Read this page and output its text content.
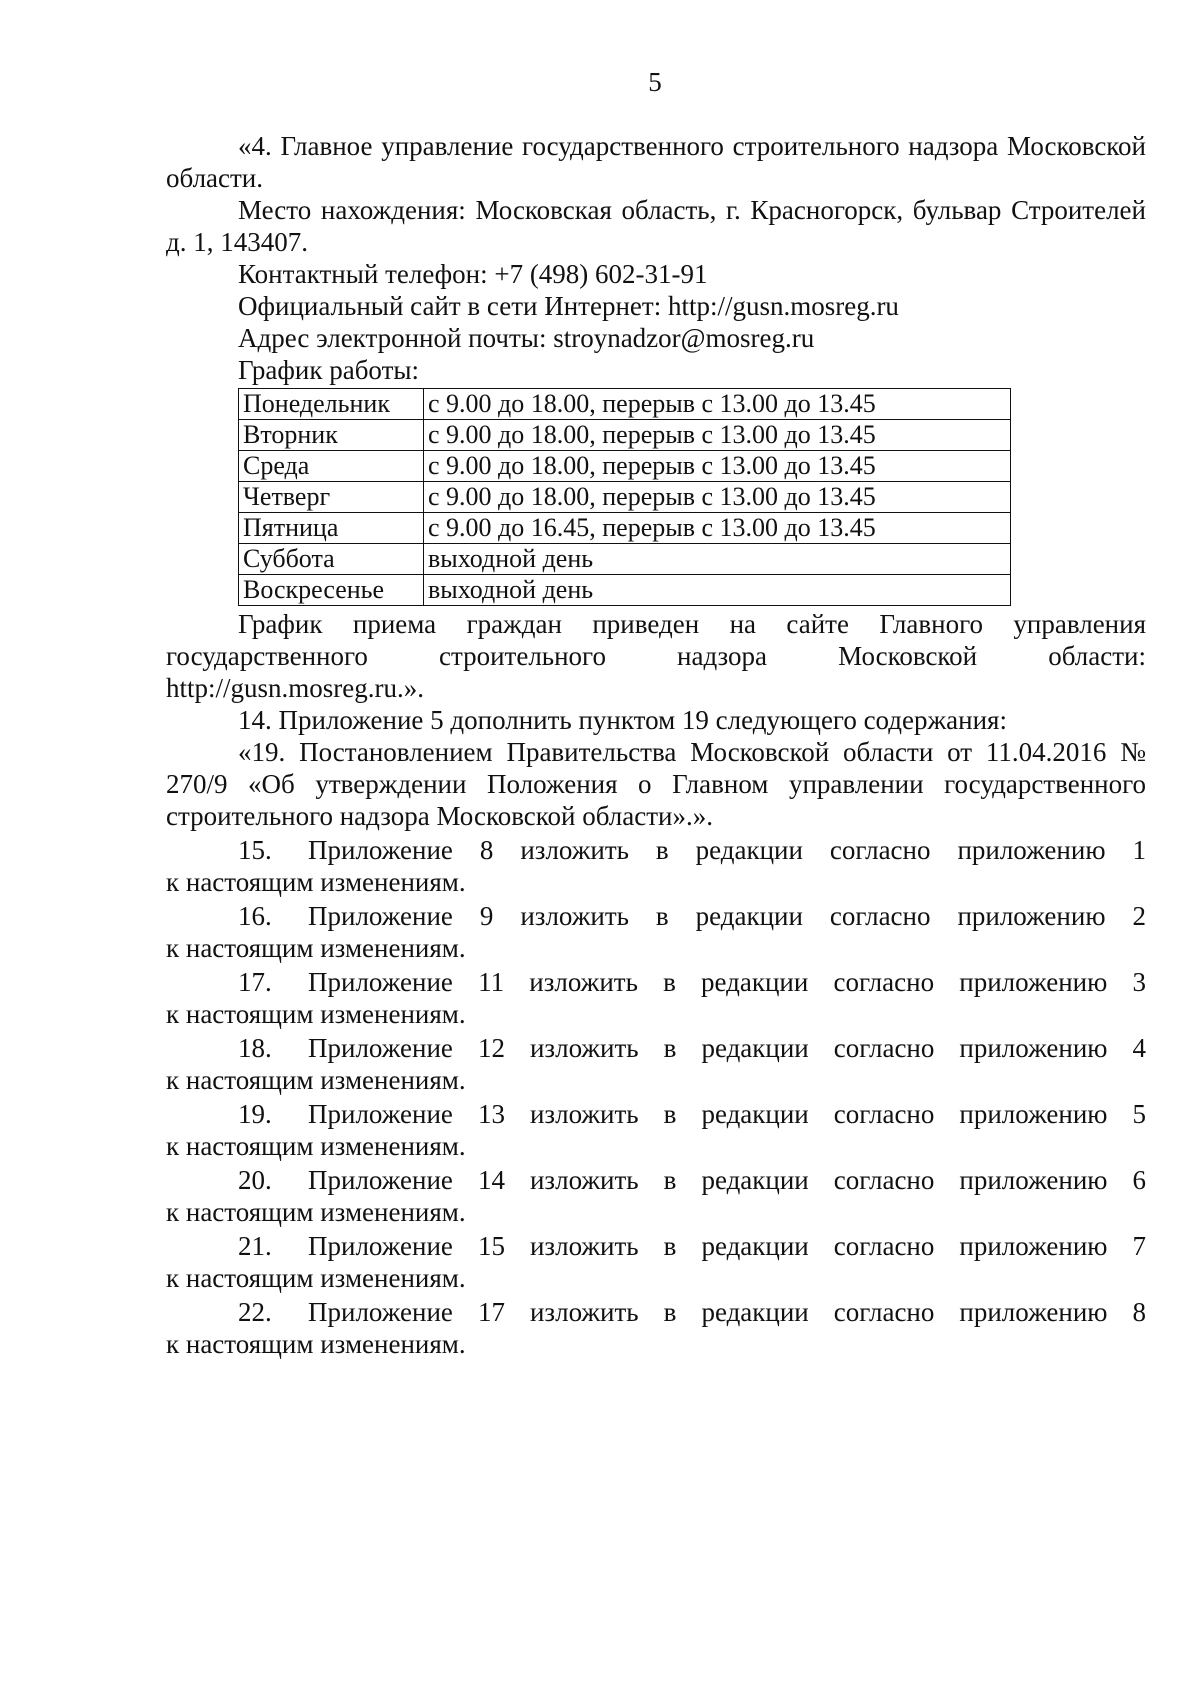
5

«4. Главное управление государственного строительного надзора Московской области.

Место нахождения: Московская область, г. Красногорск, бульвар Строителей д. 1, 143407.

Контактный телефон: +7 (498) 602-31-91

Официальный сайт в сети Интернет: http://gusn.mosreg.ru

Адрес электронной почты: stroynadzor@mosreg.ru

График работы:

Понедельник	с 9.00 до 18.00, перерыв с 13.00 до 13.45
Вторник	с 9.00 до 18.00, перерыв с 13.00 до 13.45
Среда	с 9.00 до 18.00, перерыв с 13.00 до 13.45
Четверг	с 9.00 до 18.00, перерыв с 13.00 до 13.45
Пятница	с 9.00 до 16.45, перерыв с 13.00 до 13.45
Суббота	выходной день
Воскресенье	выходной день

График приема граждан приведен на сайте Главного управления

государственного	строительного	надзора	Московской	области:

http://gusn.mosreg.ru.».

14. Приложение 5 дополнить пунктом 19 следующего содержания:

«19. Постановлением Правительства Московской области от 11.04.2016 № 270/9 «Об утверждении Положения о Главном управлении государственного строительного надзора Московской области».».

15.	Приложение 8 изложить в редакции согласно приложению 1
к настоящим изменениям.
16.	Приложение 9 изложить в редакции согласно приложению 2
к настоящим изменениям.
17.	Приложение 11 изложить в редакции согласно приложению 3
к настоящим изменениям.
18.	Приложение 12 изложить в редакции согласно приложению 4
к настоящим изменениям.
19.	Приложение 13 изложить в редакции согласно приложению 5
к настоящим изменениям.
20.	Приложение 14 изложить в редакции согласно приложению 6
к настоящим изменениям.
21.	Приложение 15 изложить в редакции согласно приложению 7
к настоящим изменениям.
22.	Приложение 17 изложить в редакции согласно приложению 8
к настоящим изменениям.
